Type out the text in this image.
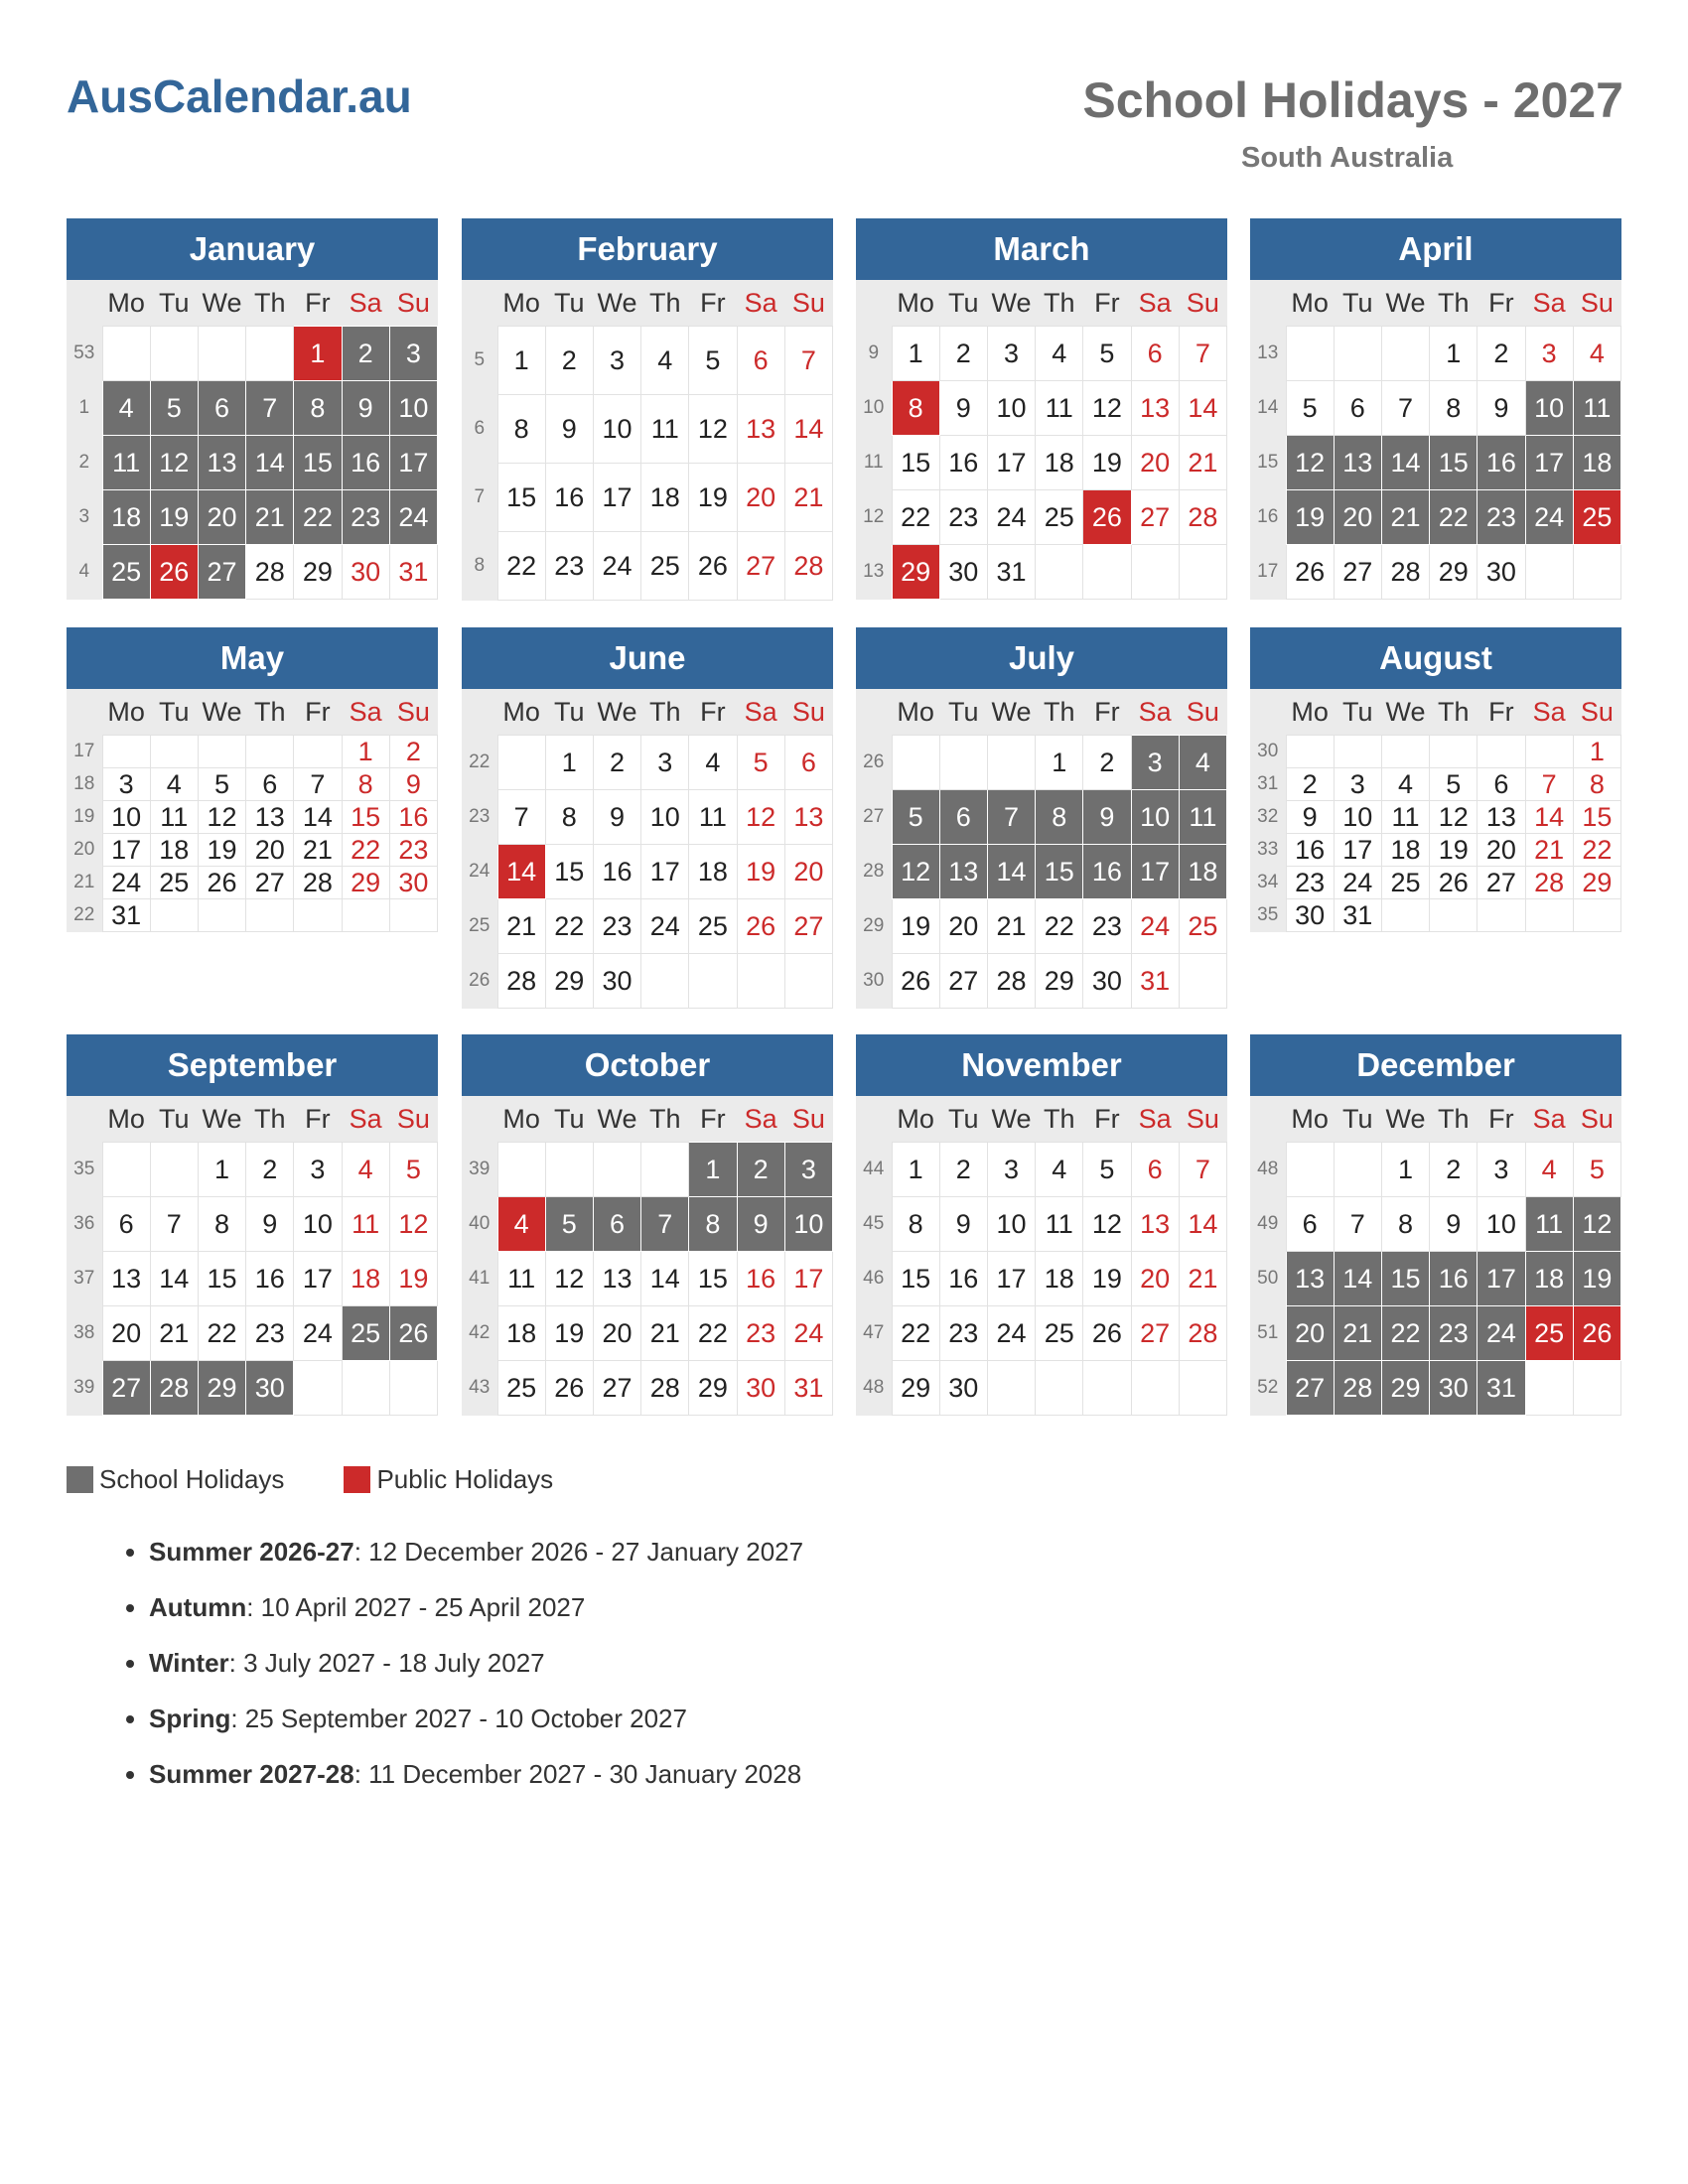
AusCalendar.au	School Holidays - 2027
South Australia
January
	Mo	Tu	We	Th	Fr	Sa	Su
53					1	2	3
1	4	5	6	7	8	9	10
2	11	12	13	14	15	16	17
3	18	19	20	21	22	23	24
4	25	26	27	28	29	30	31
February
	Mo	Tu	We	Th	Fr	Sa	Su
5	1	2	3	4	5	6	7
6	8	9	10	11	12	13	14
7	15	16	17	18	19	20	21
8	22	23	24	25	26	27	28
March
	Mo	Tu	We	Th	Fr	Sa	Su
9	1	2	3	4	5	6	7
10	8	9	10	11	12	13	14
11	15	16	17	18	19	20	21
12	22	23	24	25	26	27	28
13	29	30	31				
April
	Mo	Tu	We	Th	Fr	Sa	Su
13				1	2	3	4
14	5	6	7	8	9	10	11
15	12	13	14	15	16	17	18
16	19	20	21	22	23	24	25
17	26	27	28	29	30		
May
	Mo	Tu	We	Th	Fr	Sa	Su
17						1	2
18	3	4	5	6	7	8	9
19	10	11	12	13	14	15	16
20	17	18	19	20	21	22	23
21	24	25	26	27	28	29	30
22	31						
June
	Mo	Tu	We	Th	Fr	Sa	Su
22		1	2	3	4	5	6
23	7	8	9	10	11	12	13
24	14	15	16	17	18	19	20
25	21	22	23	24	25	26	27
26	28	29	30				
July
	Mo	Tu	We	Th	Fr	Sa	Su
26				1	2	3	4
27	5	6	7	8	9	10	11
28	12	13	14	15	16	17	18
29	19	20	21	22	23	24	25
30	26	27	28	29	30	31	
August
	Mo	Tu	We	Th	Fr	Sa	Su
30							1
31	2	3	4	5	6	7	8
32	9	10	11	12	13	14	15
33	16	17	18	19	20	21	22
34	23	24	25	26	27	28	29
35	30	31					
September
	Mo	Tu	We	Th	Fr	Sa	Su
35			1	2	3	4	5
36	6	7	8	9	10	11	12
37	13	14	15	16	17	18	19
38	20	21	22	23	24	25	26
39	27	28	29	30			
October
	Mo	Tu	We	Th	Fr	Sa	Su
39					1	2	3
40	4	5	6	7	8	9	10
41	11	12	13	14	15	16	17
42	18	19	20	21	22	23	24
43	25	26	27	28	29	30	31
November
	Mo	Tu	We	Th	Fr	Sa	Su
44	1	2	3	4	5	6	7
45	8	9	10	11	12	13	14
46	15	16	17	18	19	20	21
47	22	23	24	25	26	27	28
48	29	30					
December
	Mo	Tu	We	Th	Fr	Sa	Su
48			1	2	3	4	5
49	6	7	8	9	10	11	12
50	13	14	15	16	17	18	19
51	20	21	22	23	24	25	26
52	27	28	29	30	31		
School Holidays	Public Holidays
• Summer 2026-27: 12 December 2026 - 27 January 2027
• Autumn: 10 April 2027 - 25 April 2027
• Winter: 3 July 2027 - 18 July 2027
• Spring: 25 September 2027 - 10 October 2027
• Summer 2027-28: 11 December 2027 - 30 January 2028
